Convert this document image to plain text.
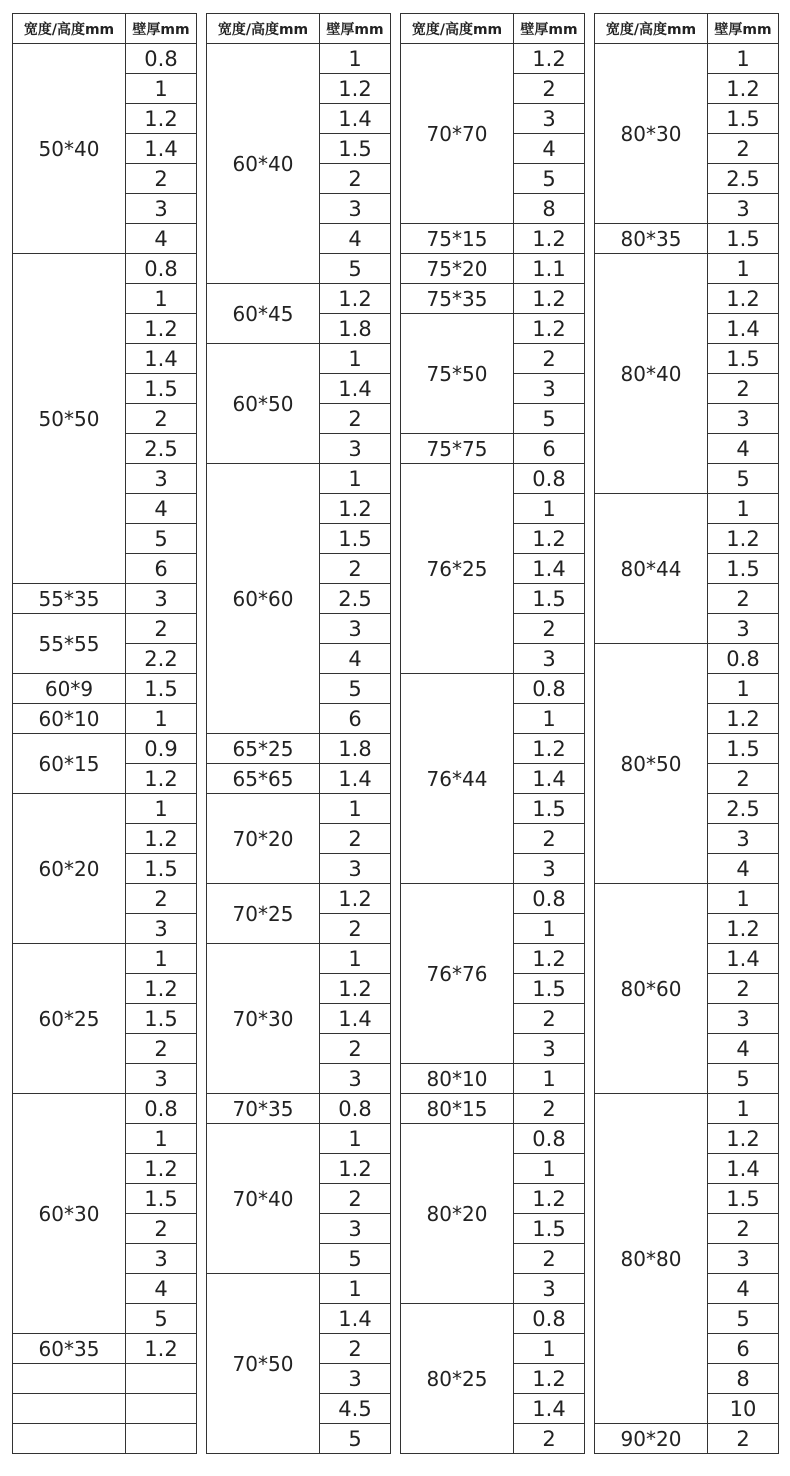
宽度/高度mm	壁厚mm
50*40
0.8
1
1.2
1.4
2
3
4
50*50
0.8
1
1.2
1.4
1.5
2
2.5
3
4
5
6
55*35	3
55*55
2
2.2
60*9	1.5
60*10	1
60*15
0.9
1.2
60*20
1
1.2
1.5
2
3
60*25
1
1.2
1.5
2
3
60*30
0.8
1
1.2
1.5
2
3
4
5
60*35	1.2
宽度/高度mm	壁厚mm
60*40
1
1.2
1.4
1.5
2
3
4
5
60*45
1.2
1.8
60*50
1
1.4
2
3
60*60
1
1.2
1.5
2
2.5
3
4
5
6
65*25	1.8
65*65	1.4
70*20
1
2
3
70*25
1.2
2
70*30
1
1.2
1.4
2
3
70*35	0.8
70*40
1
1.2
2
3
5
70*50
1
1.4
2
3
4.5
5
宽度/高度mm	壁厚mm
70*70
1.2
2
3
4
5
8
75*15	1.2
75*20	1.1
75*35	1.2
75*50
1.2
2
3
5
75*75	6
76*25
0.8
1
1.2
1.4
1.5
2
3
76*44
0.8
1
1.2
1.4
1.5
2
3
76*76
0.8
1
1.2
1.5
2
3
80*10	1
80*15	2
80*20
0.8
1
1.2
1.5
2
3
80*25
0.8
1
1.2
1.4
2
宽度/高度mm	壁厚mm
80*30
1
1.2
1.5
2
2.5
3
80*35	1.5
80*40
1
1.2
1.4
1.5
2
3
4
5
80*44
1
1.2
1.5
2
3
80*50
0.8
1
1.2
1.5
2
2.5
3
4
80*60
1
1.2
1.4
2
3
4
5
80*80
1
1.2
1.4
1.5
2
3
4
5
6
8
10
90*20	2
